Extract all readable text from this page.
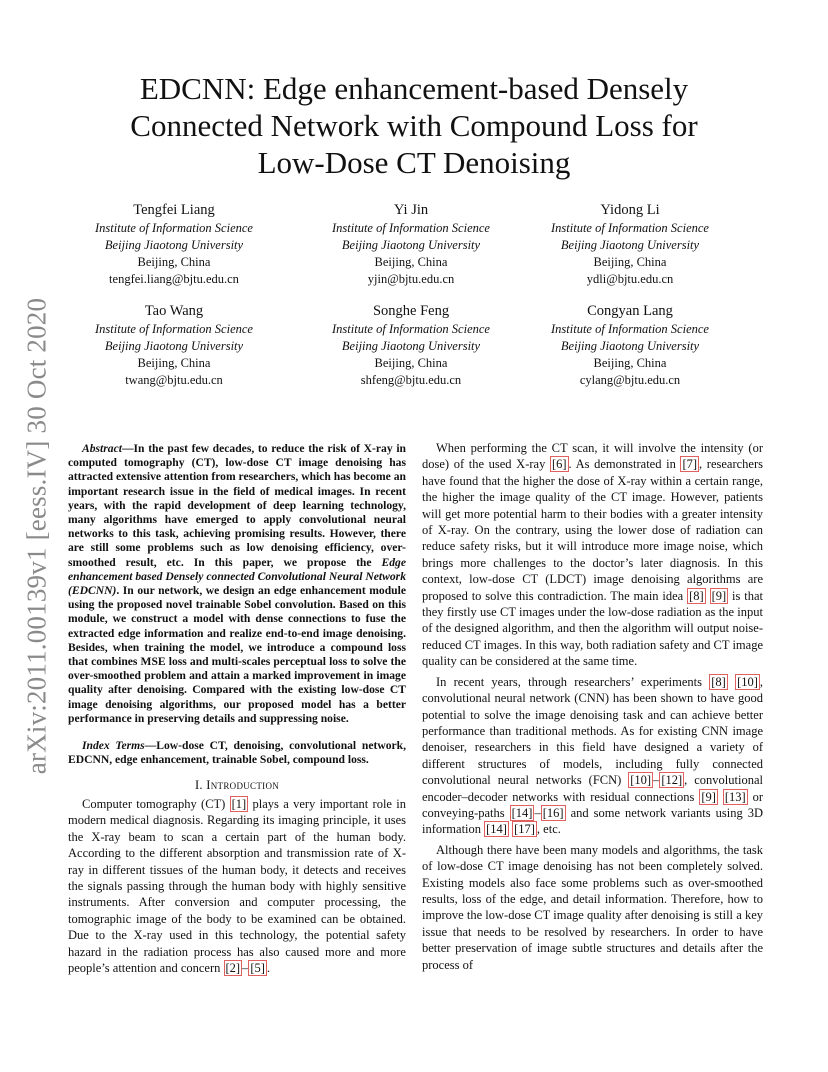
arXiv:2011.00139v1 [eess.IV] 30 Oct 2020
EDCNN: Edge enhancement-based Densely
Connected Network with Compound Loss for
Low-Dose CT Denoising
Tengfei Liang
Institute of Information Science
Beijing Jiaotong University
Beijing, China
tengfei.liang@bjtu.edu.cn
Yi Jin
Institute of Information Science
Beijing Jiaotong University
Beijing, China
yjin@bjtu.edu.cn
Yidong Li
Institute of Information Science
Beijing Jiaotong University
Beijing, China
ydli@bjtu.edu.cn
Tao Wang
Institute of Information Science
Beijing Jiaotong University
Beijing, China
twang@bjtu.edu.cn
Songhe Feng
Institute of Information Science
Beijing Jiaotong University
Beijing, China
shfeng@bjtu.edu.cn
Congyan Lang
Institute of Information Science
Beijing Jiaotong University
Beijing, China
cylang@bjtu.edu.cn

Abstract—In the past few decades, to reduce the risk of X-ray in computed tomography (CT), low-dose CT image denoising has attracted extensive attention from researchers, which has become an important research issue in the field of medical images. In recent years, with the rapid development of deep learning technology, many algorithms have emerged to apply convolutional neural networks to this task, achieving promising results. However, there are still some problems such as low denoising efficiency, over-smoothed result, etc. In this paper, we propose the Edge enhancement based Densely connected Convolutional Neural Network (EDCNN). In our network, we design an edge enhancement module using the proposed novel trainable Sobel convolution. Based on this module, we construct a model with dense connections to fuse the extracted edge information and realize end-to-end image denoising. Besides, when training the model, we introduce a compound loss that combines MSE loss and multi-scales perceptual loss to solve the over-smoothed problem and attain a marked improvement in image quality after denoising. Compared with the existing low-dose CT image denoising algorithms, our proposed model has a better performance in preserving details and suppressing noise.

Index Terms—Low-dose CT, denoising, convolutional network, EDCNN, edge enhancement, trainable Sobel, compound loss.

I. Introduction

Computer tomography (CT) [1] plays a very important role in modern medical diagnosis. Regarding its imaging principle, it uses the X-ray beam to scan a certain part of the human body. According to the different absorption and transmission rate of X-ray in different tissues of the human body, it detects and receives the signals passing through the human body with highly sensitive instruments. After conversion and computer processing, the tomographic image of the body to be examined can be obtained. Due to the X-ray used in this technology, the potential safety hazard in the radiation process has also caused more and more people’s attention and concern [2] – [5] .

When performing the CT scan, it will involve the intensity (or dose) of the used X-ray [6] . As demonstrated in [7] , researchers have found that the higher the dose of X-ray within a certain range, the higher the image quality of the CT image. However, patients will get more potential harm to their bodies with a greater intensity of X-ray. On the contrary, using the lower dose of radiation can reduce safety risks, but it will introduce more image noise, which brings more challenges to the doctor’s later diagnosis. In this context, low-dose CT (LDCT) image denoising algorithms are proposed to solve this contradiction. The main idea [8] [9] is that they firstly use CT images under the low-dose radiation as the input of the designed algorithm, and then the algorithm will output noise-reduced CT images. In this way, both radiation safety and CT image quality can be considered at the same time.

In recent years, through researchers’ experiments [8] [10] , convolutional neural network (CNN) has been shown to have good potential to solve the image denoising task and can achieve better performance than traditional methods. As for existing CNN image denoiser, researchers in this field have designed a variety of different structures of models, including fully connected convolutional neural networks (FCN) [10] – [12] , convolutional encoder–decoder networks with residual connections [9] [13] or conveying-paths [14] – [16] and some network variants using 3D information [14] [17] , etc.

Although there have been many models and algorithms, the task of low-dose CT image denoising has not been completely solved. Existing models also face some problems such as over-smoothed results, loss of the edge, and detail information. Therefore, how to improve the low-dose CT image quality after denoising is still a key issue that needs to be resolved by researchers. In order to have better preservation of image subtle structures and details after the process of
